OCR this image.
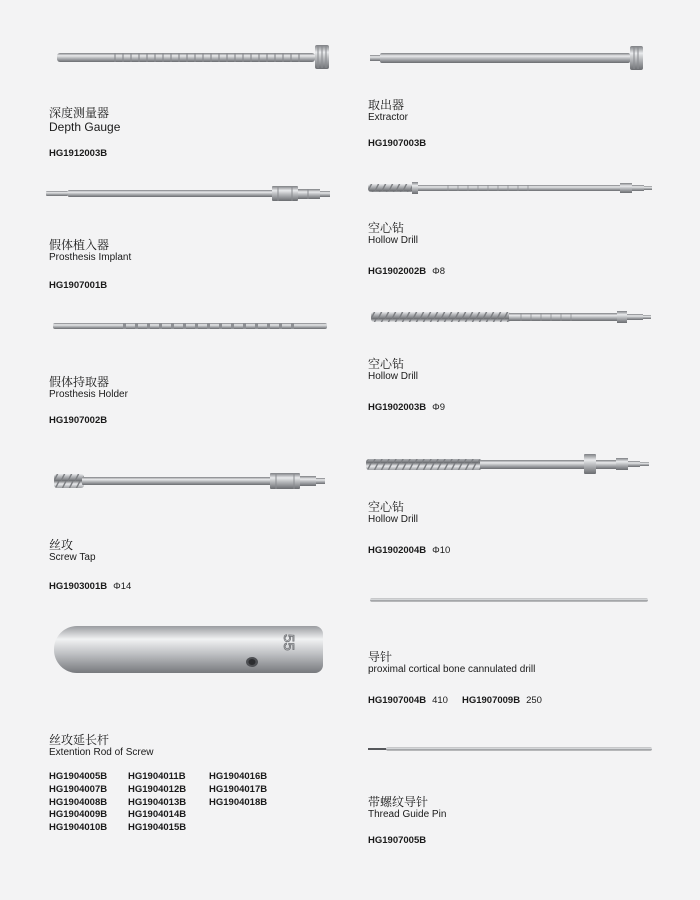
深度测量器
Depth Gauge
HG1912003B
假体植入器
Prosthesis Implant
HG1907001B
假体持取器
Prosthesis Holder
HG1907002B
丝攻
Screw Tap
HG1903001B Φ14
55
丝攻延长杆
Extention Rod of Screw
HG1904005B
HG1904007B
HG1904008B
HG1904009B
HG1904010B
HG1904011B
HG1904012B
HG1904013B
HG1904014B
HG1904015B
HG1904016B
HG1904017B
HG1904018B
取出器
Extractor
HG1907003B
空心钻
Hollow Drill
HG1902002B Φ8
空心钻
Hollow Drill
HG1902003B Φ9
空心钻
Hollow Drill
HG1902004B Φ10
导针
proximal cortical bone cannulated drill
HG1907004B 410 HG1907009B 250
带螺纹导针
Thread Guide Pin
HG1907005B
